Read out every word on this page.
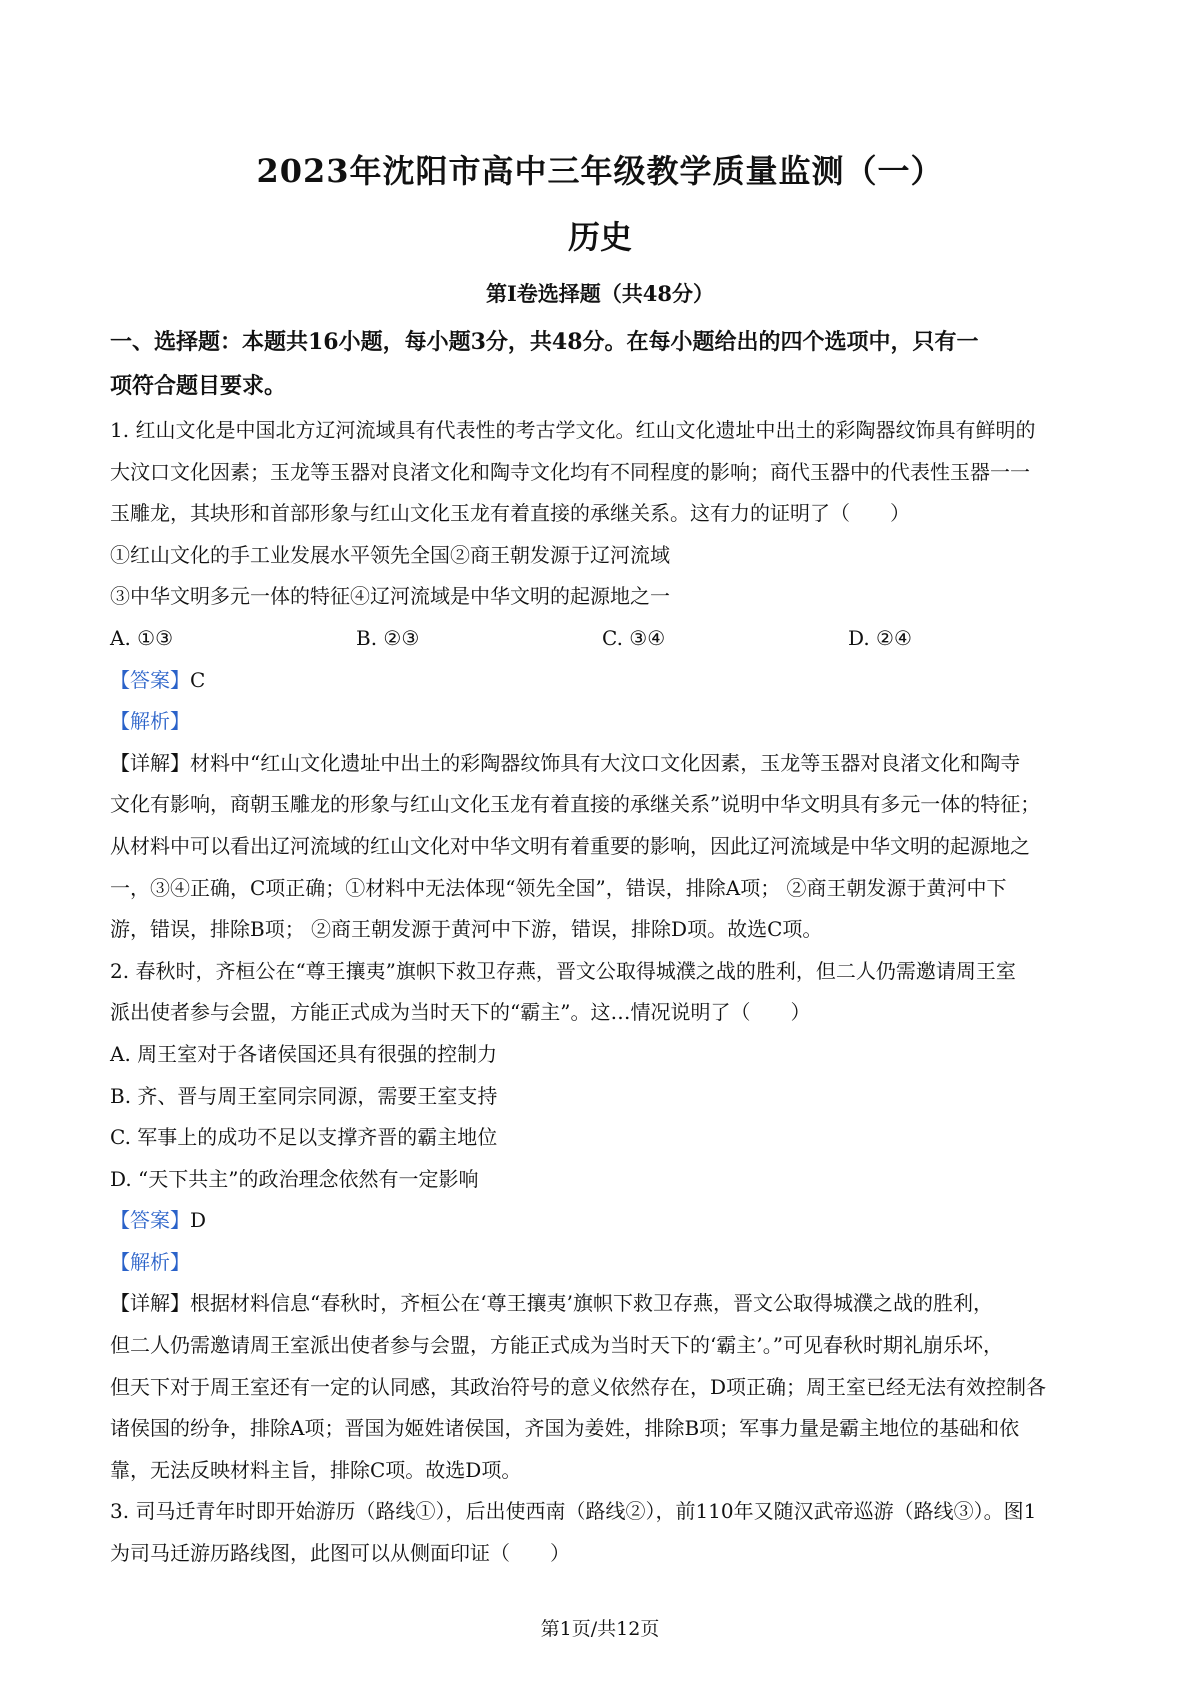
2023年沈阳市高中三年级教学质量监测（一）
历史
第Ⅰ卷选择题（共48分）
一、选择题：本题共16小题，每小题3分，共48分。在每小题给出的四个选项中，只有一
项符合题目要求。
1. 红山文化是中国北方辽河流域具有代表性的考古学文化。红山文化遗址中出土的彩陶器纹饰具有鲜明的
大汶口文化因素；玉龙等玉器对良渚文化和陶寺文化均有不同程度的影响；商代玉器中的代表性玉器一一
玉雕龙，其块形和首部形象与红山文化玉龙有着直接的承继关系。这有力的证明了（　　）
①红山文化的手工业发展水平领先全国②商王朝发源于辽河流域
③中华文明多元一体的特征④辽河流域是中华文明的起源地之一
A. ①③	B. ②③	C. ③④	D. ②④
【答案】C
【解析】
【详解】材料中“红山文化遗址中出土的彩陶器纹饰具有大汶口文化因素，玉龙等玉器对良渚文化和陶寺
文化有影响，商朝玉雕龙的形象与红山文化玉龙有着直接的承继关系”说明中华文明具有多元一体的特征；
从材料中可以看出辽河流域的红山文化对中华文明有着重要的影响，因此辽河流域是中华文明的起源地之
一，③④正确，C项正确；①材料中无法体现“领先全国”，错误，排除A项； ②商王朝发源于黄河中下
游，错误，排除B项； ②商王朝发源于黄河中下游，错误，排除D项。故选C项。
2. 春秋时，齐桓公在“尊王攘夷”旗帜下救卫存燕，晋文公取得城濮之战的胜利，但二人仍需邀请周王室
派出使者参与会盟，方能正式成为当时天下的“霸主”。这…情况说明了（　　）
A. 周王室对于各诸侯国还具有很强的控制力
B. 齐、晋与周王室同宗同源，需要王室支持
C. 军事上的成功不足以支撑齐晋的霸主地位
D. “天下共主”的政治理念依然有一定影响
【答案】D
【解析】
【详解】根据材料信息“春秋时，齐桓公在‘尊王攘夷’旗帜下救卫存燕，晋文公取得城濮之战的胜利，
但二人仍需邀请周王室派出使者参与会盟，方能正式成为当时天下的‘霸主’。”可见春秋时期礼崩乐坏，
但天下对于周王室还有一定的认同感，其政治符号的意义依然存在，D项正确；周王室已经无法有效控制各
诸侯国的纷争，排除A项；晋国为姬姓诸侯国，齐国为姜姓，排除B项；军事力量是霸主地位的基础和依
靠，无法反映材料主旨，排除C项。故选D项。
3. 司马迁青年时即开始游历（路线①），后出使西南（路线②），前110年又随汉武帝巡游（路线③）。图1
为司马迁游历路线图，此图可以从侧面印证（　　）
第1页/共12页
